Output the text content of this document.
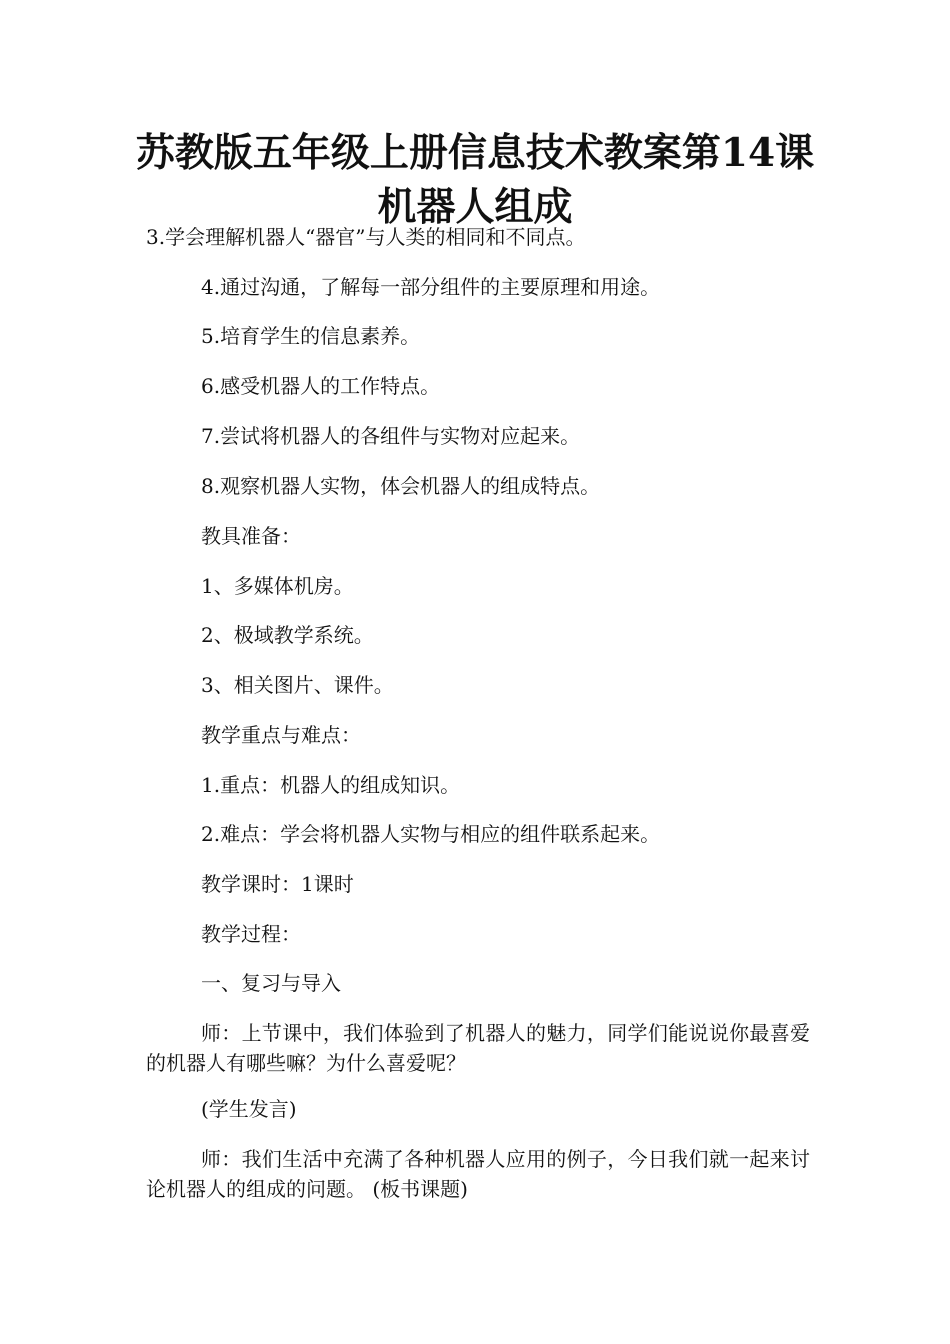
苏教版五年级上册信息技术教案第14课 机器人组成

3.学会理解机器人“器官”与人类的相同和不同点。

4.通过沟通，了解每一部分组件的主要原理和用途。

5.培育学生的信息素养。

6.感受机器人的工作特点。

7.尝试将机器人的各组件与实物对应起来。

8.观察机器人实物，体会机器人的组成特点。

教具准备：

1、多媒体机房。

2、极域教学系统。

3、相关图片、课件。

教学重点与难点：

1.重点：机器人的组成知识。

2.难点：学会将机器人实物与相应的组件联系起来。

教学课时：1课时

教学过程：

一、复习与导入

师：上节课中，我们体验到了机器人的魅力，同学们能说说你最喜爱的机器人有哪些嘛？为什么喜爱呢？

(学生发言)

师：我们生活中充满了各种机器人应用的例子，今日我们就一起来讨论机器人的组成的问题。 (板书课题)
